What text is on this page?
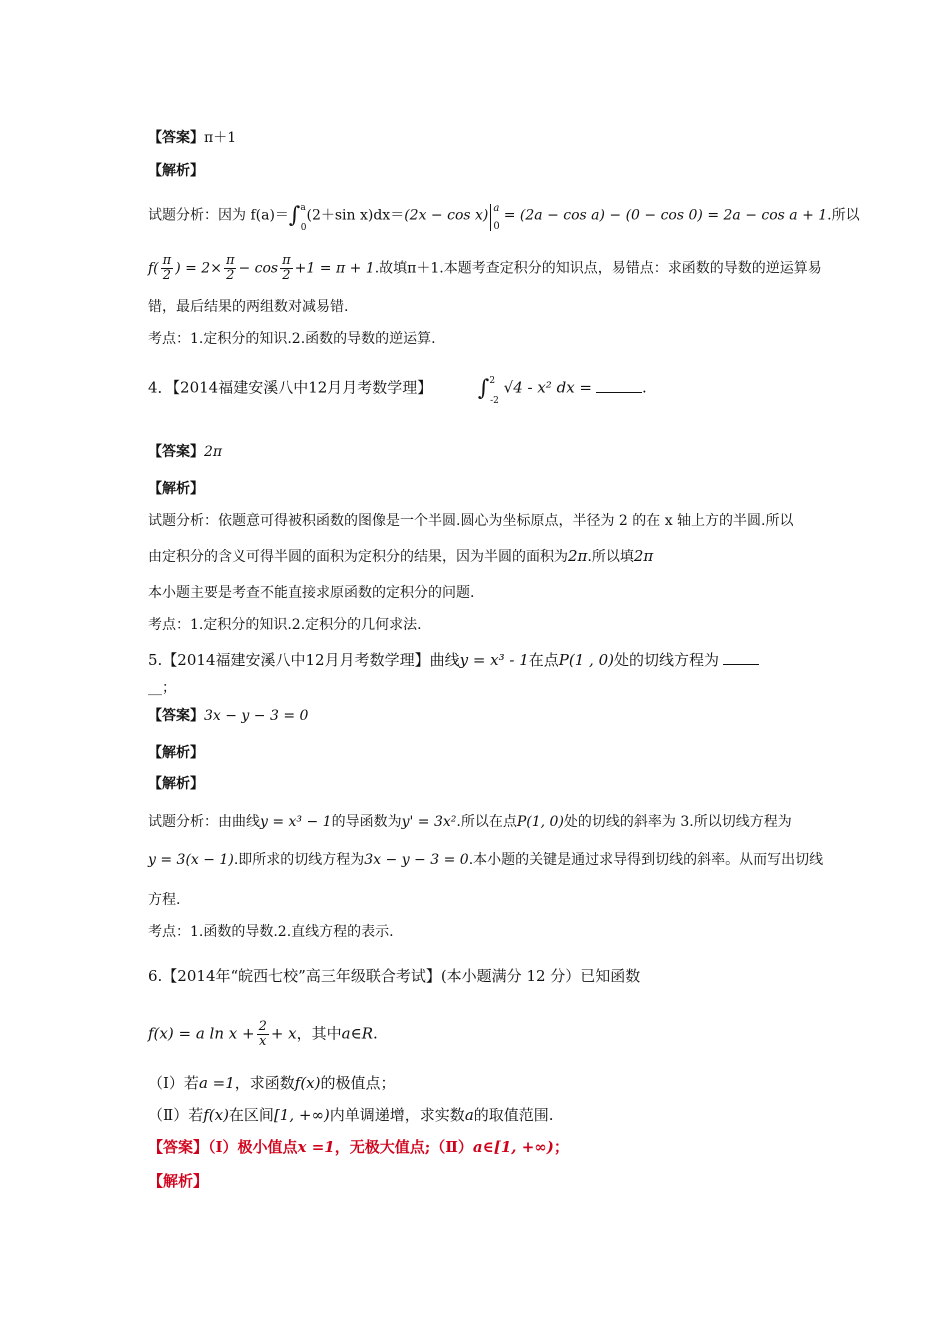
【答案】π＋1
【解析】
试题分析：因为 f(a)＝∫$^a_0$(2＋sin x)dx＝(2x − cos x) a0= (2a − cos a) − (0 − cos 0) = 2a − cos a + 1.所以
$f( \frac{\pi}{2}$ ) = $2\times \frac{\pi}{2} - \cos \frac{\pi}{2} +1 = \pi + 1$.故填π＋1.本题考查定积分的知识点，易错点：求函数的导数的逆运算易
错，最后结果的两组数对减易错.
考点：1.定积分的知识.2.函数的导数的逆运算.
4．【2014福建安溪八中12月月考数学理】 ∫$^2_{-2}$ √4 - x² dx =	.
【答案】2π
【解析】
试题分析：依题意可得被积函数的图像是一个半圆.圆心为坐标原点，半径为 2 的在 x 轴上方的半圆.所以
由定积分的含义可得半圆的面积为定积分的结果，因为半圆的面积为2π.所以填2π
本小题主要是考查不能直接求原函数的定积分的问题.
考点：1.定积分的知识.2.定积分的几何求法.
5.【2014福建安溪八中12月月考数学理】曲线y = x³ - 1在点P(1 , 0)处的切线方程为
__；
【答案】3x − y − 3 = 0
【解析】
【解析】
试题分析：由曲线y = x³ − 1的导函数为y' = 3x².所以在点P(1, 0)处的切线的斜率为 3.所以切线方程为
y = 3(x − 1).即所求的切线方程为3x − y − 3 = 0.本小题的关键是通过求导得到切线的斜率。从而写出切线
方程.
考点：1.函数的导数.2.直线方程的表示.
6.【2014年“皖西七校”高三年级联合考试】(本小题满分 12 分）已知函数
f(x) = a $\ln x + \frac{2}{x} + x$，其中a∈R.
（Ⅰ）若a =1，求函数f(x)的极值点；
（Ⅱ）若f(x)在区间[1, +∞)内单调递增，求实数a的取值范围.
【答案】（Ⅰ）极小值点x =1，无极大值点;（Ⅱ）a∈[1, +∞)；
【解析】
